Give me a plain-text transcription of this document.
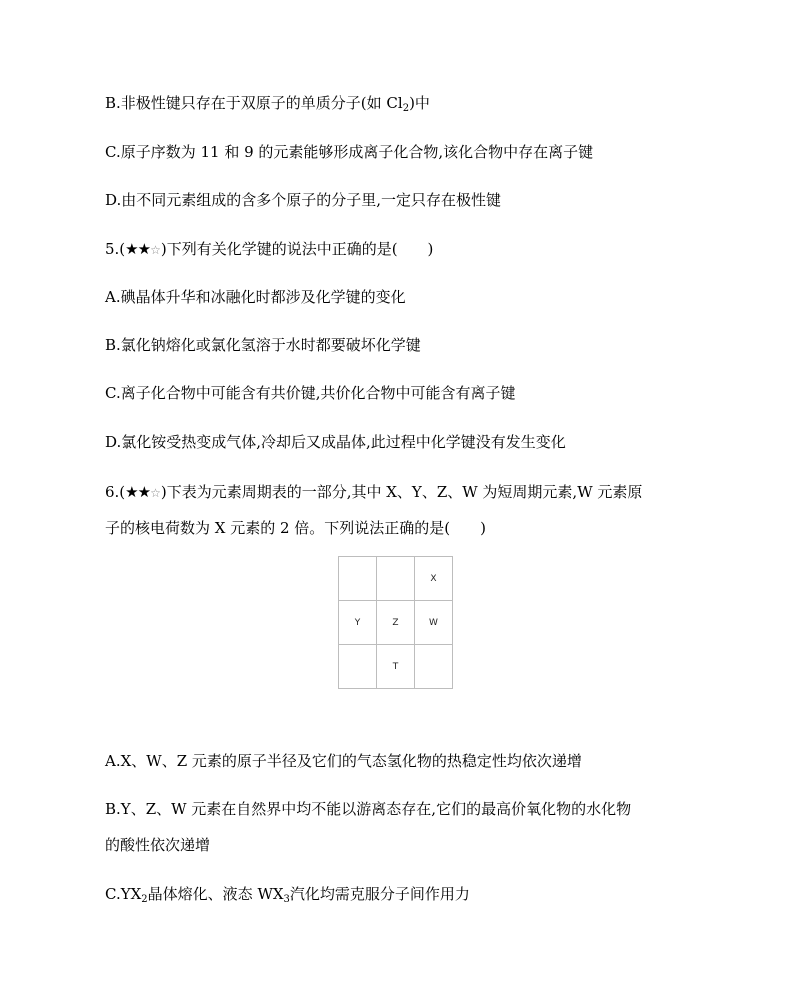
B.非极性键只存在于双原子的单质分子(如 $Cl_2$)中
C.原子序数为 11 和 9 的元素能够形成离子化合物,该化合物中存在离子键
D.由不同元素组成的含多个原子的分子里,一定只存在极性键
5.(★★☆)下列有关化学键的说法中正确的是(　　)
A.碘晶体升华和冰融化时都涉及化学键的变化
B.氯化钠熔化或氯化氢溶于水时都要破坏化学键
C.离子化合物中可能含有共价键,共价化合物中可能含有离子键
D.氯化铵受热变成气体,冷却后又成晶体,此过程中化学键没有发生变化
6.(★★☆)下表为元素周期表的一部分,其中 X、Y、Z、W 为短周期元素,W 元素原
子的核电荷数为 X 元素的 2 倍。下列说法正确的是(　　)
		X
Y	Z	W
	T	
A.X、W、Z 元素的原子半径及它们的气态氢化物的热稳定性均依次递增
B.Y、Z、W 元素在自然界中均不能以游离态存在,它们的最高价氧化物的水化物
的酸性依次递增
$C.YX_2$晶体熔化、液态 $WX_3$汽化均需克服分子间作用力
